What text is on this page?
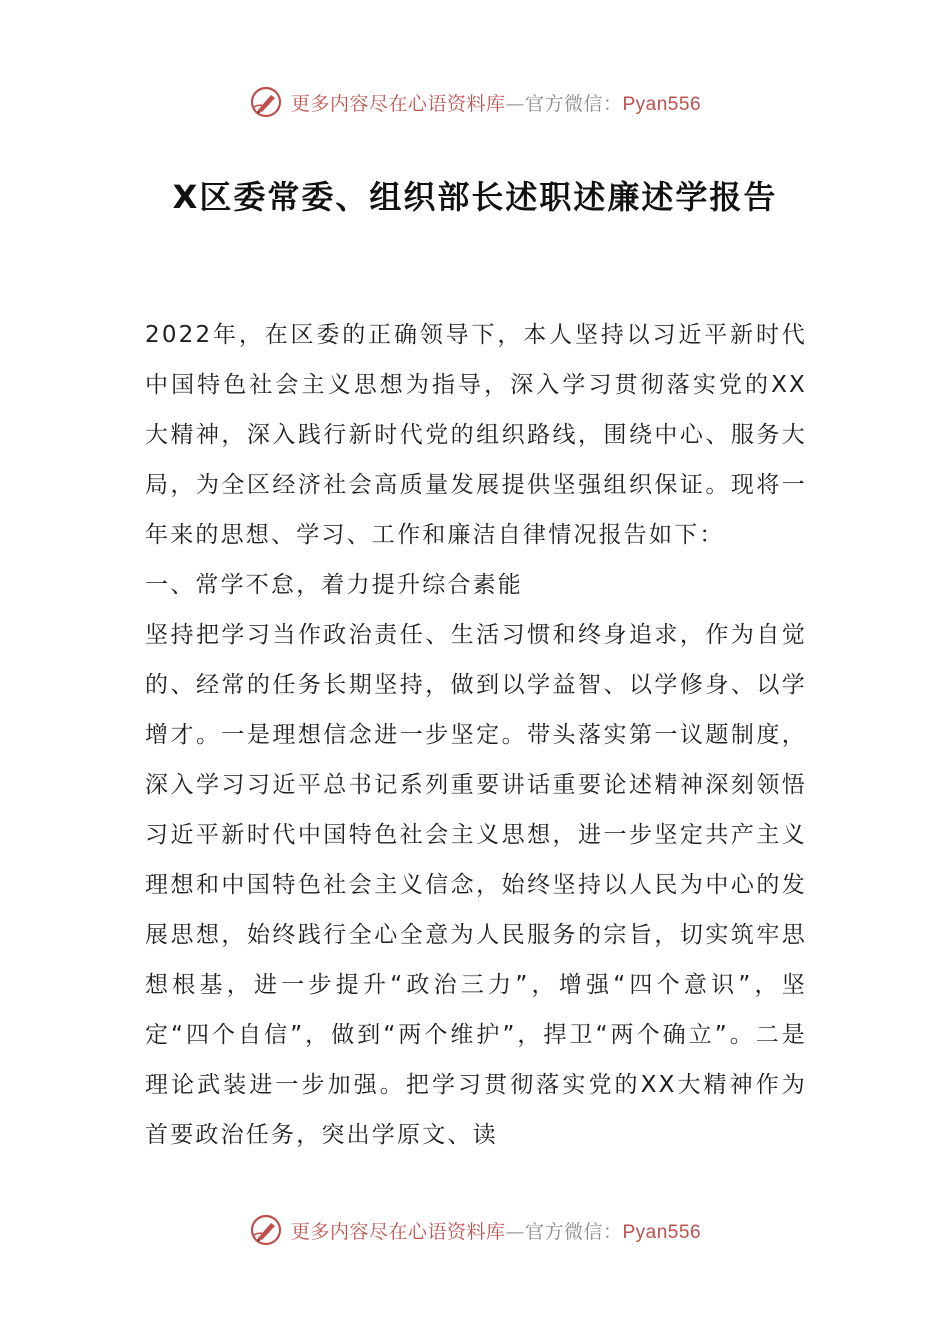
更多内容尽在心语资料库—官方微信：Pyan556
X区委常委、组织部长述职述廉述学报告

2022年，在区委的正确领导下，本人坚持以习近平新时代中国特色社会主义思想为指导，深入学习贯彻落实党的XX大精神，深入践行新时代党的组织路线，围绕中心、服务大局，为全区经济社会高质量发展提供坚强组织保证。现将一年来的思想、学习、工作和廉洁自律情况报告如下：

一、常学不怠，着力提升综合素能

坚持把学习当作政治责任、生活习惯和终身追求，作为自觉的、经常的任务长期坚持，做到以学益智、以学修身、以学增才。一是理想信念进一步坚定。带头落实第一议题制度，深入学习习近平总书记系列重要讲话重要论述精神深刻领悟习近平新时代中国特色社会主义思想，进一步坚定共产主义理想和中国特色社会主义信念，始终坚持以人民为中心的发展思想，始终践行全心全意为人民服务的宗旨，切实筑牢思想根基，进一步提升“政治三力”，增强“四个意识”，坚定“四个自信”，做到“两个维护”，捍卫“两个确立”。二是理论武装进一步加强。把学习贯彻落实党的XX大精神作为首要政治任务，突出学原文、读

更多内容尽在心语资料库—官方微信：Pyan556
